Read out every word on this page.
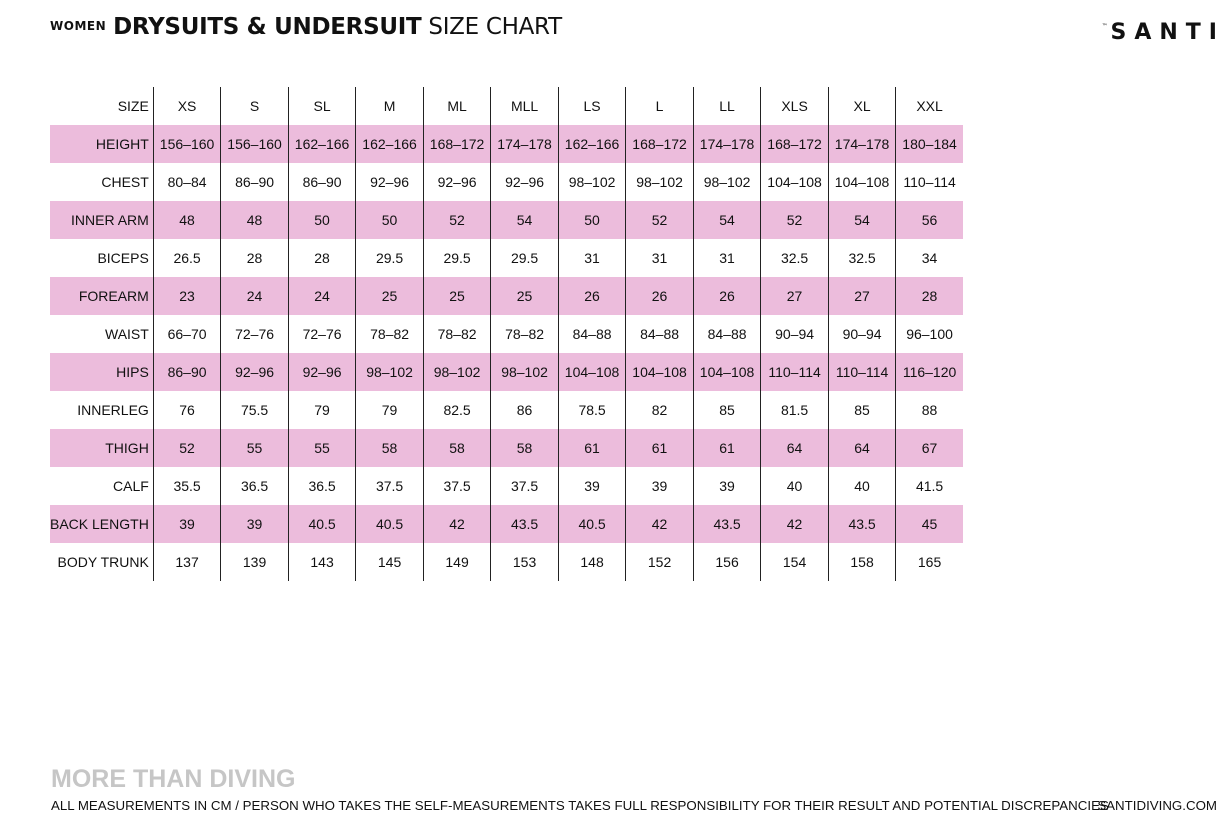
WOMEN DRYSUITS & UNDERSUIT SIZE CHART	™ SANTI
SIZE	XS	S	SL	M	ML	MLL	LS	L	LL	XLS	XL	XXL
HEIGHT	156–160	156–160	162–166	162–166	168–172	174–178	162–166	168–172	174–178	168–172	174–178	180–184
CHEST	80–84	86–90	86–90	92–96	92–96	92–96	98–102	98–102	98–102	104–108	104–108	110–114
INNER ARM	48	48	50	50	52	54	50	52	54	52	54	56
BICEPS	26.5	28	28	29.5	29.5	29.5	31	31	31	32.5	32.5	34
FOREARM	23	24	24	25	25	25	26	26	26	27	27	28
WAIST	66–70	72–76	72–76	78–82	78–82	78–82	84–88	84–88	84–88	90–94	90–94	96–100
HIPS	86–90	92–96	92–96	98–102	98–102	98–102	104–108	104–108	104–108	110–114	110–114	116–120
INNERLEG	76	75.5	79	79	82.5	86	78.5	82	85	81.5	85	88
THIGH	52	55	55	58	58	58	61	61	61	64	64	67
CALF	35.5	36.5	36.5	37.5	37.5	37.5	39	39	39	40	40	41.5
BACK LENGTH	39	39	40.5	40.5	42	43.5	40.5	42	43.5	42	43.5	45
BODY TRUNK	137	139	143	145	149	153	148	152	156	154	158	165
MORE THAN DIVING
ALL MEASUREMENTS IN CM / PERSON WHO TAKES THE SELF-MEASUREMENTS TAKES FULL RESPONSIBILITY FOR THEIR RESULT AND POTENTIAL DISCREPANCIES
SANTIDIVING.COM
